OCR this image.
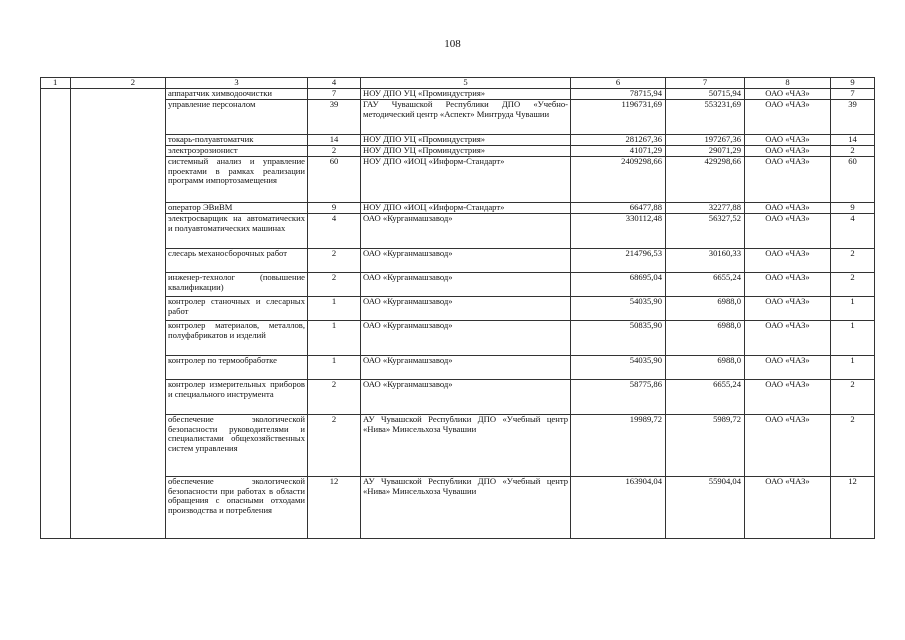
108
1	2	3	4	5	6	7	8	9
		аппаратчик химводоочистки	7	НОУ ДПО УЦ «Проминдустрия»	78715,94	50715,94	ОАО «ЧАЗ»	7
		управление персоналом	39	ГАУ Чувашской Республики ДПО «Учебно-методический центр «Аспект» Минтруда Чувашии	1196731,69	553231,69	ОАО «ЧАЗ»	39
		токарь-полуавтоматчик	14	НОУ ДПО УЦ «Проминдустрия»	281267,36	197267,36	ОАО «ЧАЗ»	14
		электроэрозионист	2	НОУ ДПО УЦ «Проминдустрия»	41071,29	29071,29	ОАО «ЧАЗ»	2
		системный анализ и управление проектами в рамках реализации программ импортозамещения	60	НОУ ДПО «ИОЦ «Информ-Стандарт»	2409298,66	429298,66	ОАО «ЧАЗ»	60
		оператор ЭВиВМ	9	НОУ ДПО «ИОЦ «Информ-Стандарт»	66477,88	32277,88	ОАО «ЧАЗ»	9
		электросварщик на автоматических и полуавтоматических машинах	4	ОАО «Курганмашзавод»	330112,48	56327,52	ОАО «ЧАЗ»	4
		слесарь механосборочных работ	2	ОАО «Курганмашзавод»	214796,53	30160,33	ОАО «ЧАЗ»	2
		инженер-технолог (повышение квалификации)	2	ОАО «Курганмашзавод»	68695,04	6655,24	ОАО «ЧАЗ»	2
		контролер станочных и слесарных работ	1	ОАО «Курганмашзавод»	54035,90	6988,0	ОАО «ЧАЗ»	1
		контролер материалов, металлов, полуфабрикатов и изделий	1	ОАО «Курганмашзавод»	50835,90	6988,0	ОАО «ЧАЗ»	1
		контролер по термообработке	1	ОАО «Курганмашзавод»	54035,90	6988,0	ОАО «ЧАЗ»	1
		контролер измерительных приборов и специального инструмента	2	ОАО «Курганмашзавод»	58775,86	6655,24	ОАО «ЧАЗ»	2
		обеспечение экологической безопасности руководителями и специалистами общехозяйственных систем управления	2	АУ Чувашской Республики ДПО «Учебный центр «Нива» Минсельхоза Чувашии	19989,72	5989,72	ОАО «ЧАЗ»	2
		обеспечение экологической безопасности при работах в области обращения с опасными отходами производства и потребления	12	АУ Чувашской Республики ДПО «Учебный центр «Нива» Минсельхоза Чувашии	163904,04	55904,04	ОАО «ЧАЗ»	12
